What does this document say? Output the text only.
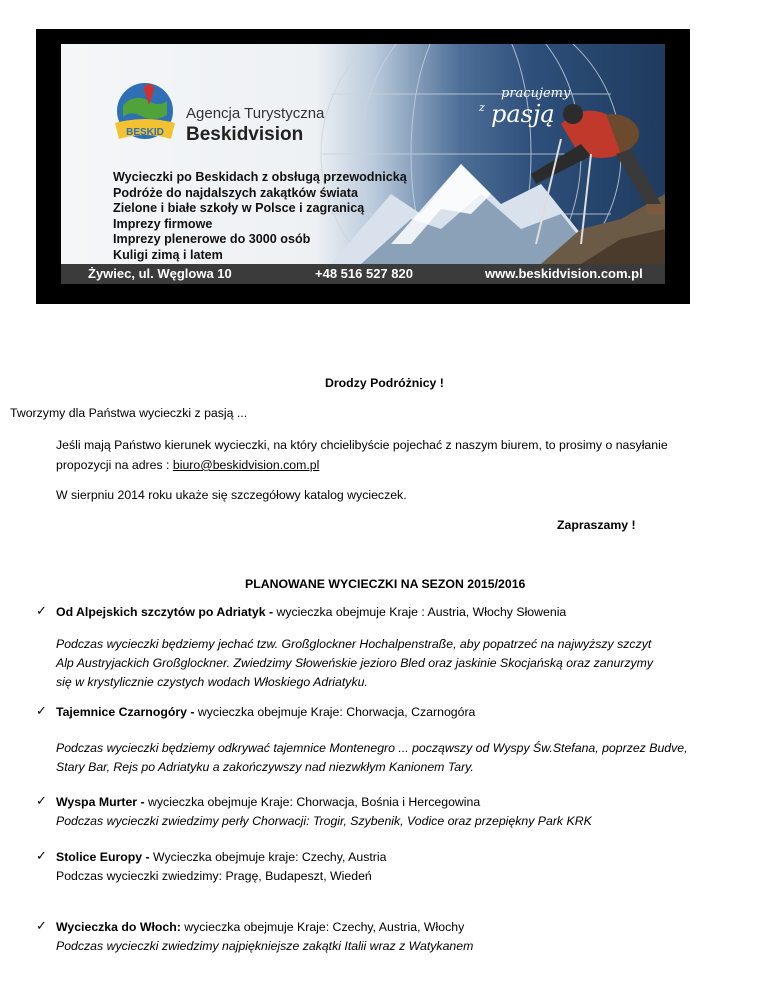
BESKID
Agencja Turystyczna
Beskidvision
pracujemy
z pasją
Wycieczki po Beskidach z obsługą przewodnicką
Podróże do najdalszych zakątków świata
Zielone i białe szkoły w Polsce i zagranicą
Imprezy firmowe
Imprezy plenerowe do 3000 osób
Kuligi zimą i latem
Żywiec, ul. Węglowa 10	+48 516 527 820	www.beskidvision.com.pl
Drodzy Podróżnicy !
Tworzymy dla Państwa wycieczki z pasją ...
Jeśli mają Państwo kierunek wycieczki, na który chcielibyście pojechać z naszym biurem, to prosimy o nasyłanie
propozycji na adres : biuro@beskidvision.com.pl
W sierpniu 2014 roku ukaże się szczegółowy katalog wycieczek.
Zapraszamy !
PLANOWANE WYCIECZKI NA SEZON 2015/2016
✓ Od Alpejskich szczytów po Adriatyk - wycieczka obejmuje Kraje : Austria, Włochy Słowenia
Podczas wycieczki będziemy jechać tzw. Großglockner Hochalpenstraße, aby popatrzeć na najwyższy szczyt
Alp Austryjackich Großglockner. Zwiedzimy Słoweńskie jezioro Bled oraz jaskinie Skocjańską oraz zanurzymy
się w krystylicznie czystych wodach Włoskiego Adriatyku.
✓ Tajemnice Czarnogóry - wycieczka obejmuje Kraje: Chorwacja, Czarnogóra
Podczas wycieczki będziemy odkrywać tajemnice Montenegro ... począwszy od Wyspy Św.Stefana, poprzez Budve,
Stary Bar, Rejs po Adriatyku a zakończywszy nad niezwkłym Kanionem Tary.
✓ Wyspa Murter - wycieczka obejmuje Kraje: Chorwacja, Bośnia i Hercegowina
Podczas wycieczki zwiedzimy perły Chorwacji: Trogir, Szybenik, Vodice oraz przepiękny Park KRK
✓ Stolice Europy - Wycieczka obejmuje kraje: Czechy, Austria
Podczas wycieczki zwiedzimy: Pragę, Budapeszt, Wiedeń
✓ Wycieczka do Włoch: wycieczka obejmuje Kraje: Czechy, Austria, Włochy
Podczas wycieczki zwiedzimy najpiękniejsze zakątki Italii wraz z Watykanem
